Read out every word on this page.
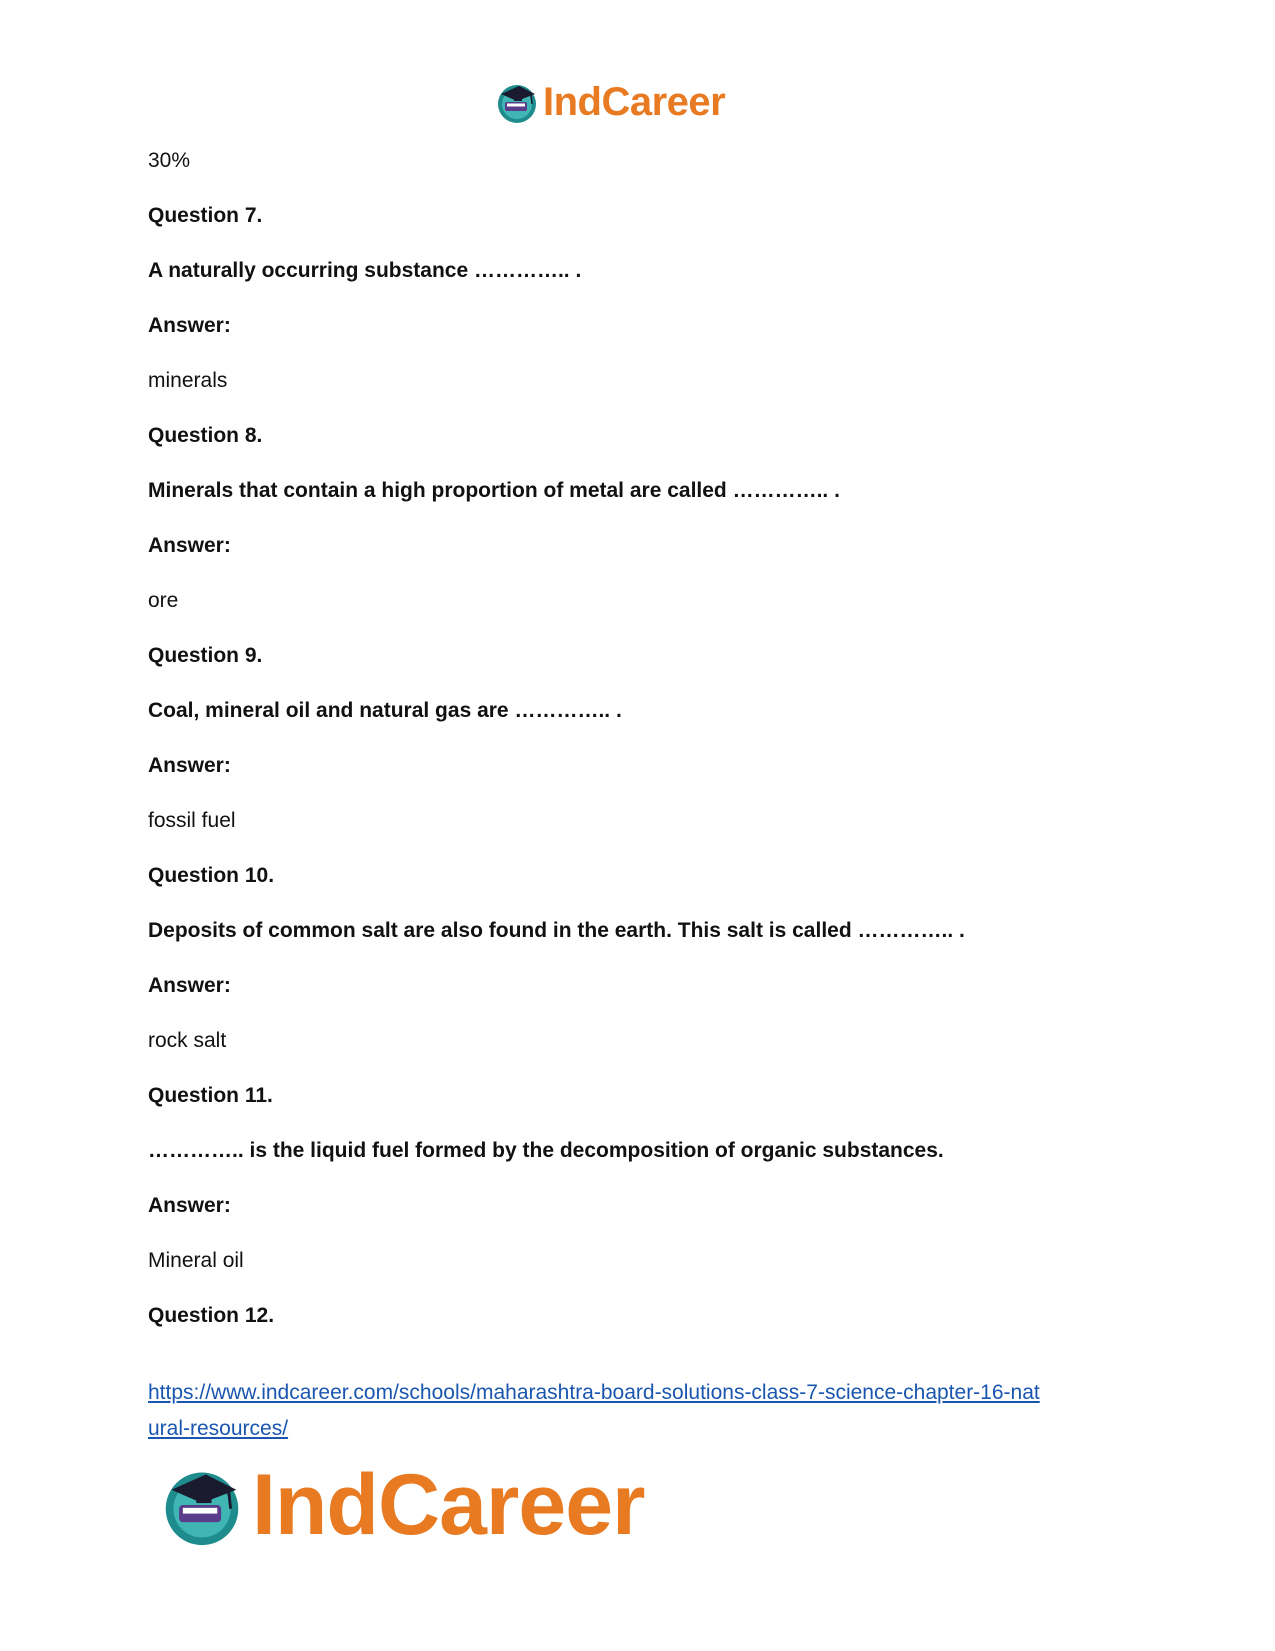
IndCareer
30%
Question 7.
A naturally occurring substance ………….. .
Answer:
minerals
Question 8.
Minerals that contain a high proportion of metal are called ………….. .
Answer:
ore
Question 9.
Coal, mineral oil and natural gas are ………….. .
Answer:
fossil fuel
Question 10.
Deposits of common salt are also found in the earth. This salt is called ………….. .
Answer:
rock salt
Question 11.
………….. is the liquid fuel formed by the decomposition of organic substances.
Answer:
Mineral oil
Question 12.
https://www.indcareer.com/schools/maharashtra-board-solutions-class-7-science-chapter-16-nat
ural-resources/
IndCareer
